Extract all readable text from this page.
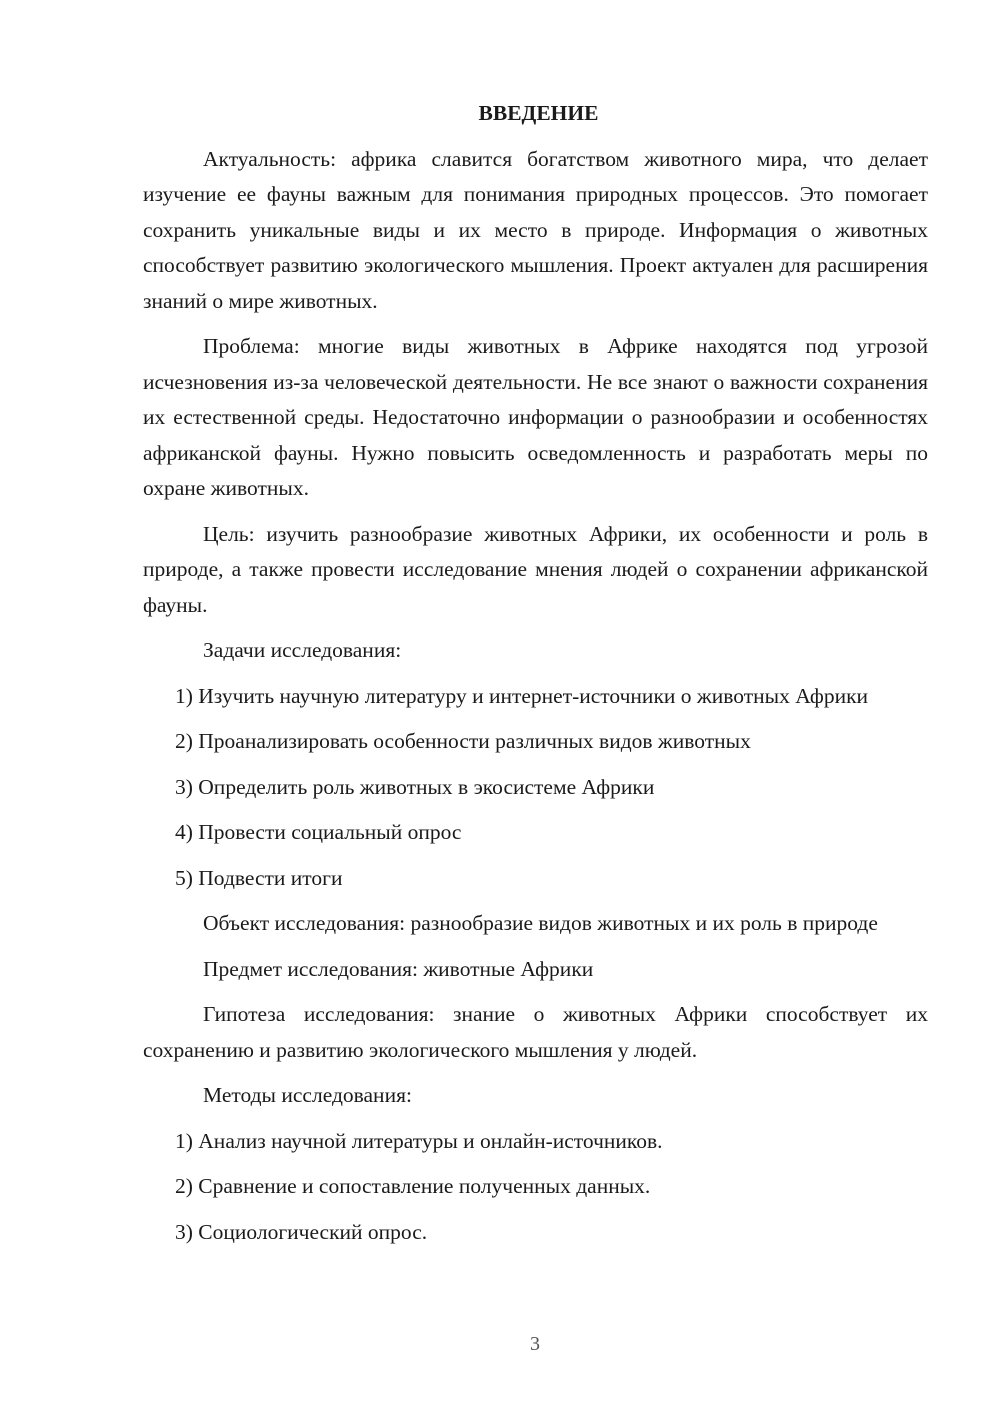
ВВЕДЕНИЕ

Актуальность: африка славится богатством животного мира, что делает изучение ее фауны важным для понимания природных процессов. Это помогает сохранить уникальные виды и их место в природе. Информация о животных способствует развитию экологического мышления. Проект актуален для расширения знаний о мире животных.

Проблема: многие виды животных в Африке находятся под угрозой исчезновения из-за человеческой деятельности. Не все знают о важности сохранения их естественной среды. Недостаточно информации о разнообразии и особенностях африканской фауны. Нужно повысить осведомленность и разработать меры по охране животных.

Цель: изучить разнообразие животных Африки, их особенности и роль в природе, а также провести исследование мнения людей о сохранении африканской фауны.

Задачи исследования:

1) Изучить научную литературу и интернет-источники о животных Африки

2) Проанализировать особенности различных видов животных

3) Определить роль животных в экосистеме Африки

4) Провести социальный опрос

5) Подвести итоги

Объект исследования: разнообразие видов животных и их роль в природе

Предмет исследования: животные Африки

Гипотеза исследования: знание о животных Африки способствует их сохранению и развитию экологического мышления у людей.

Методы исследования:

1) Анализ научной литературы и онлайн-источников.

2) Сравнение и сопоставление полученных данных.

3) Социологический опрос.

3
